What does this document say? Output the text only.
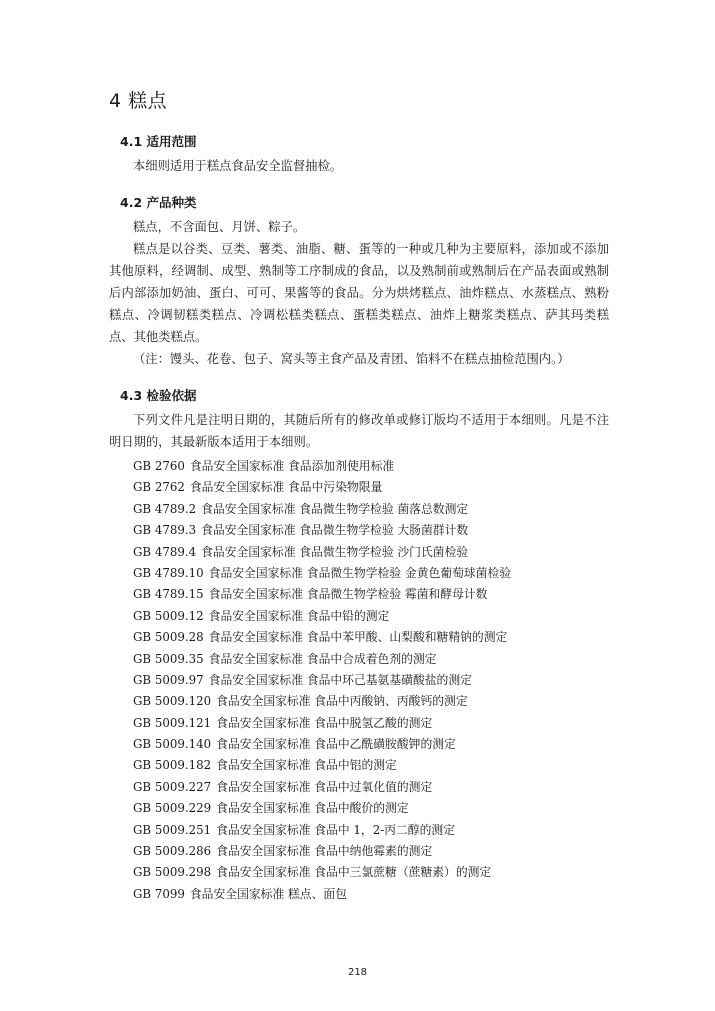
4 糕点
4.1 适用范围
本细则适用于糕点食品安全监督抽检。
4.2 产品种类
糕点，不含面包、月饼、粽子。
糕点是以谷类、豆类、薯类、油脂、糖、蛋等的一种或几种为主要原料，添加或不添加其他原料，经调制、成型、熟制等工序制成的食品，以及熟制前或熟制后在产品表面或熟制后内部添加奶油、蛋白、可可、果酱等的食品。分为烘烤糕点、油炸糕点、水蒸糕点、熟粉糕点、冷调韧糕类糕点、冷调松糕类糕点、蛋糕类糕点、油炸上糖浆类糕点、萨其玛类糕点、其他类糕点。
（注：馒头、花卷、包子、窝头等主食产品及青团、馅料不在糕点抽检范围内。）
4.3 检验依据
下列文件凡是注明日期的，其随后所有的修改单或修订版均不适用于本细则。凡是不注明日期的，其最新版本适用于本细则。
GB 2760 食品安全国家标准 食品添加剂使用标准
GB 2762 食品安全国家标准 食品中污染物限量
GB 4789.2 食品安全国家标准 食品微生物学检验 菌落总数测定
GB 4789.3 食品安全国家标准 食品微生物学检验 大肠菌群计数
GB 4789.4 食品安全国家标准 食品微生物学检验 沙门氏菌检验
GB 4789.10 食品安全国家标准 食品微生物学检验 金黄色葡萄球菌检验
GB 4789.15 食品安全国家标准 食品微生物学检验 霉菌和酵母计数
GB 5009.12 食品安全国家标准 食品中铅的测定
GB 5009.28 食品安全国家标准 食品中苯甲酸、山梨酸和糖精钠的测定
GB 5009.35 食品安全国家标准 食品中合成着色剂的测定
GB 5009.97 食品安全国家标准 食品中环己基氨基磺酸盐的测定
GB 5009.120 食品安全国家标准 食品中丙酸钠、丙酸钙的测定
GB 5009.121 食品安全国家标准 食品中脱氢乙酸的测定
GB 5009.140 食品安全国家标准 食品中乙酰磺胺酸钾的测定
GB 5009.182 食品安全国家标准 食品中铝的测定
GB 5009.227 食品安全国家标准 食品中过氧化值的测定
GB 5009.229 食品安全国家标准 食品中酸价的测定
GB 5009.251 食品安全国家标准 食品中 1，2-丙二醇的测定
GB 5009.286 食品安全国家标准 食品中纳他霉素的测定
GB 5009.298 食品安全国家标准 食品中三氯蔗糖（蔗糖素）的测定
GB 7099 食品安全国家标准 糕点、面包
218
